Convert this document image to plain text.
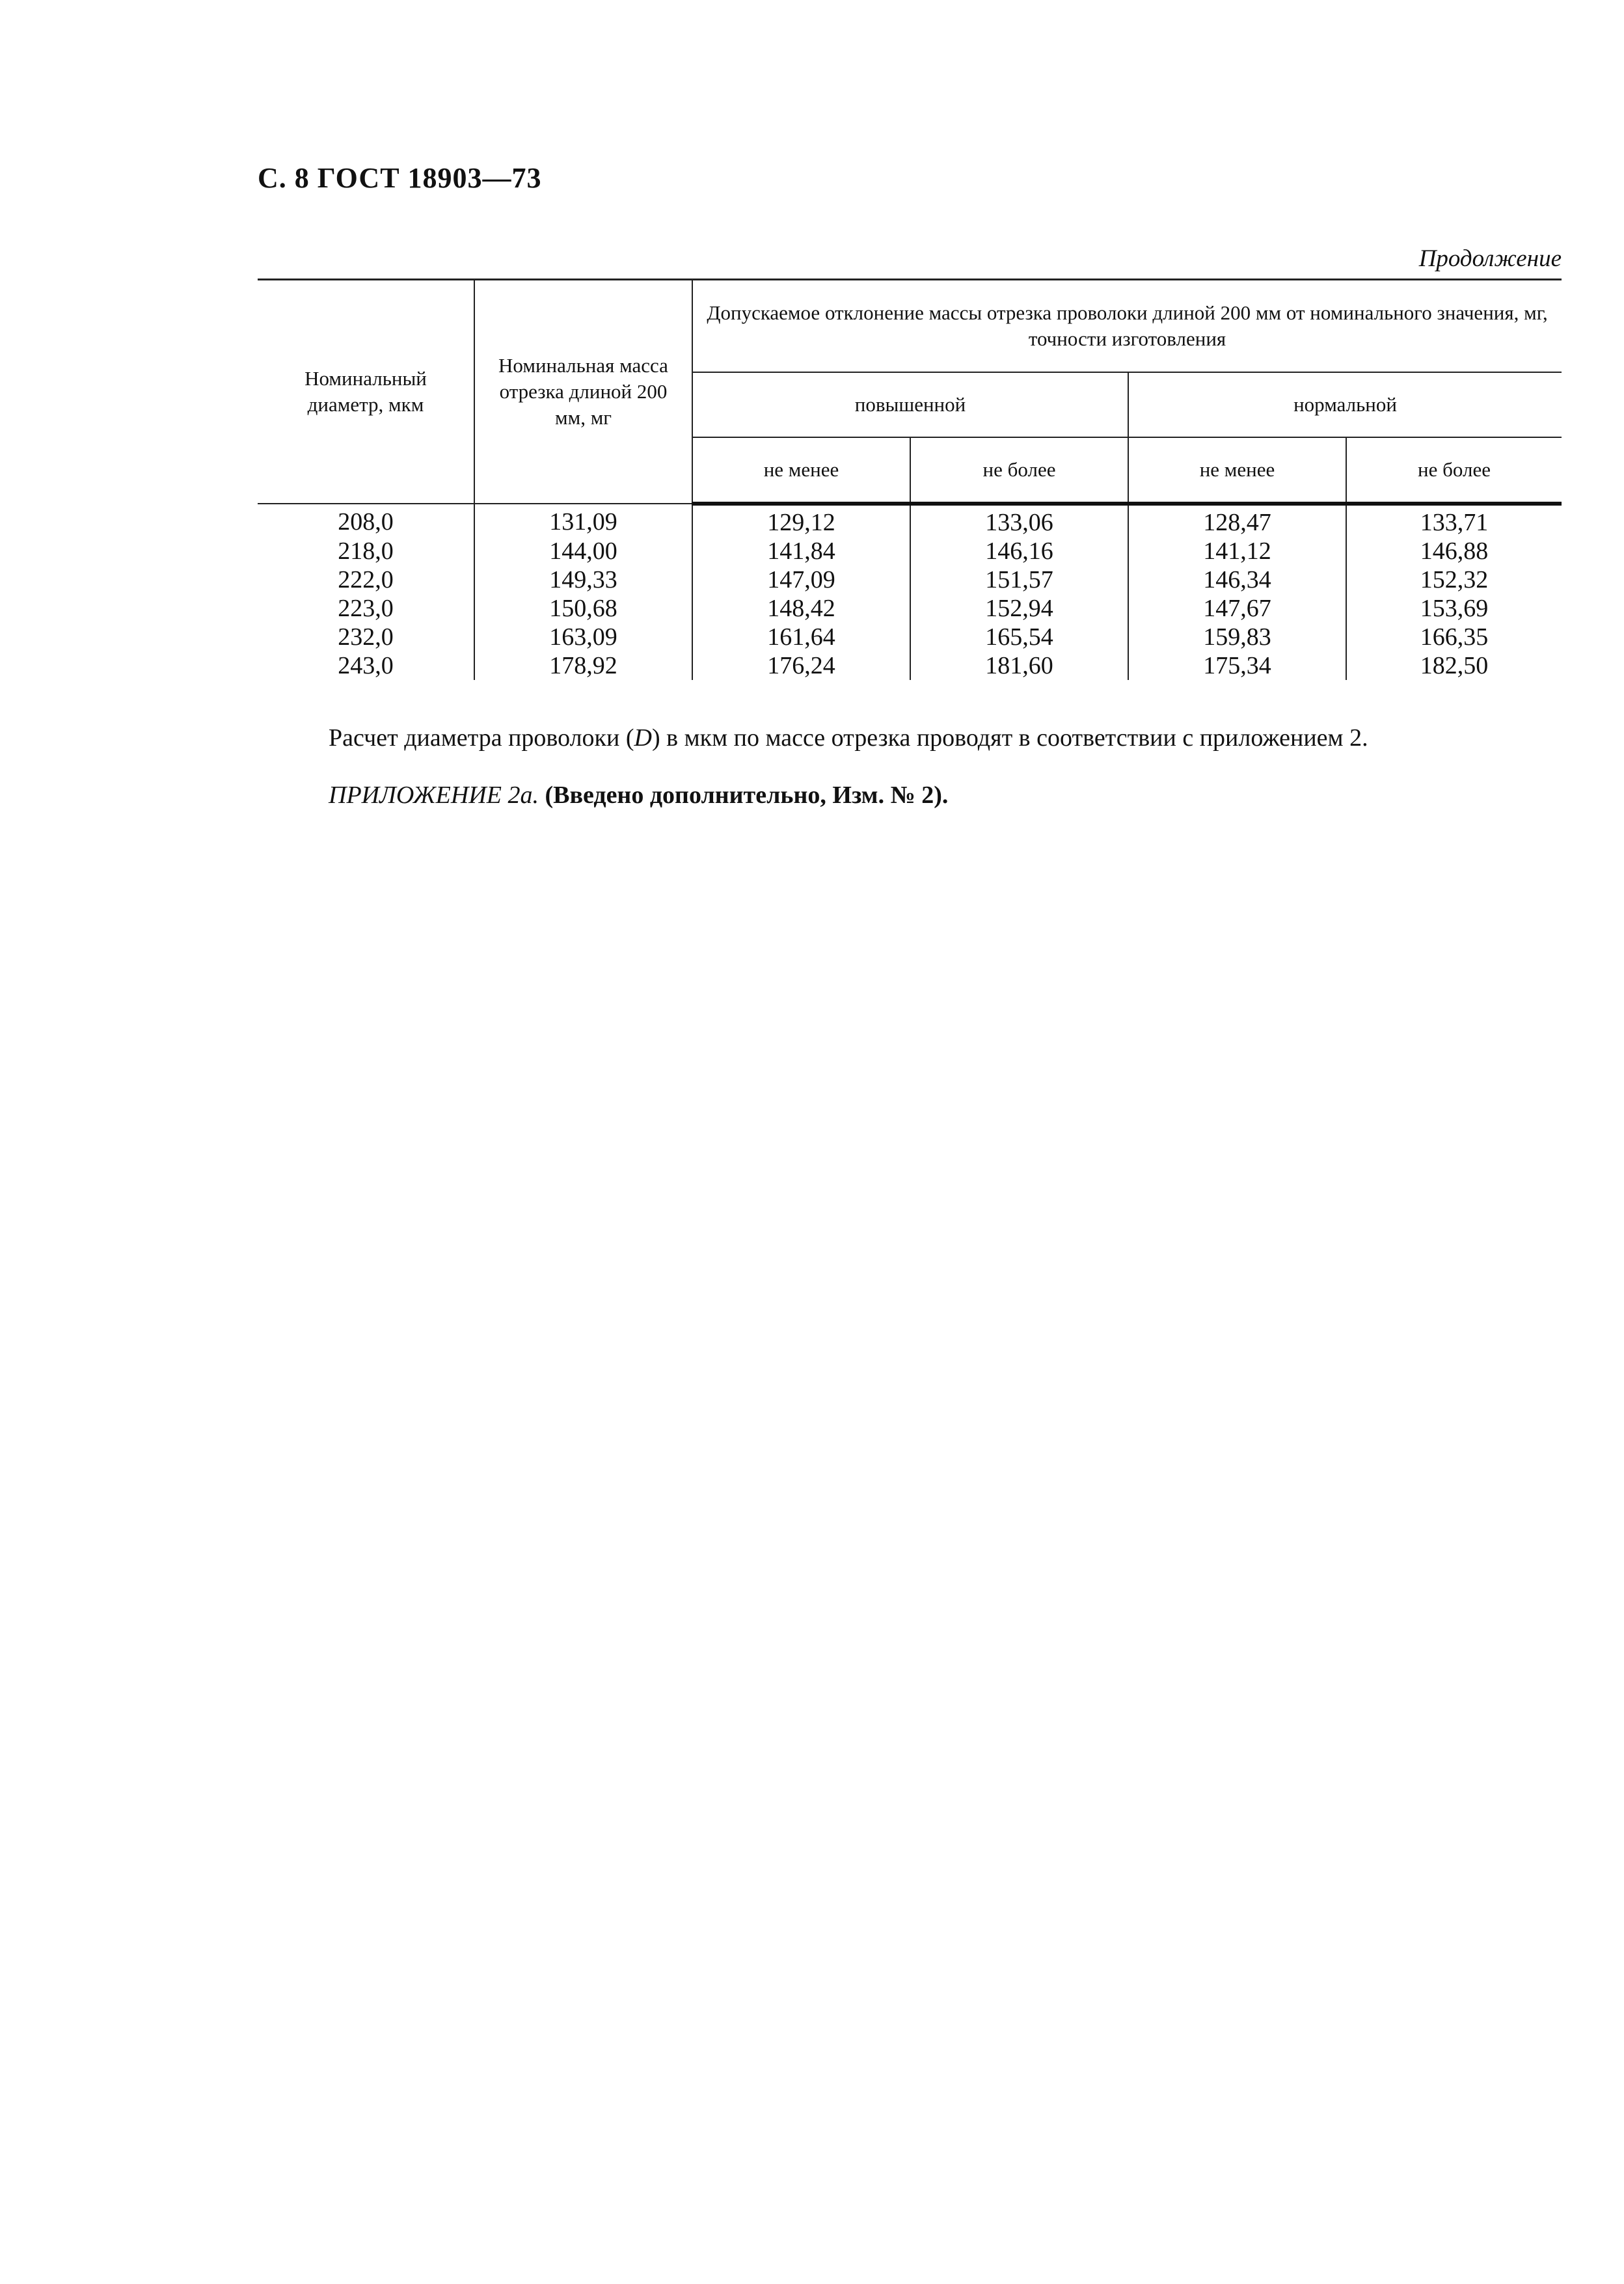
С. 8 ГОСТ 18903—73
Продолжение
Номинальный диаметр, мкм	Номинальная масса отрезка длиной 200 мм, мг	Допускаемое отклонение массы отрезка проволоки длиной 200 мм от номинального значения, мг, точности изготовления			
		повышенной		нормальной	
		не менее	не более	не менее	не более
208,0	131,09	129,12	133,06	128,47	133,71
218,0	144,00	141,84	146,16	141,12	146,88
222,0	149,33	147,09	151,57	146,34	152,32
223,0	150,68	148,42	152,94	147,67	153,69
232,0	163,09	161,64	165,54	159,83	166,35
243,0	178,92	176,24	181,60	175,34	182,50

Расчет диаметра проволоки (D) в мкм по массе отрезка проводят в соответствии с приложением 2.

ПРИЛОЖЕНИЕ 2а. (Введено дополнительно, Изм. № 2).
